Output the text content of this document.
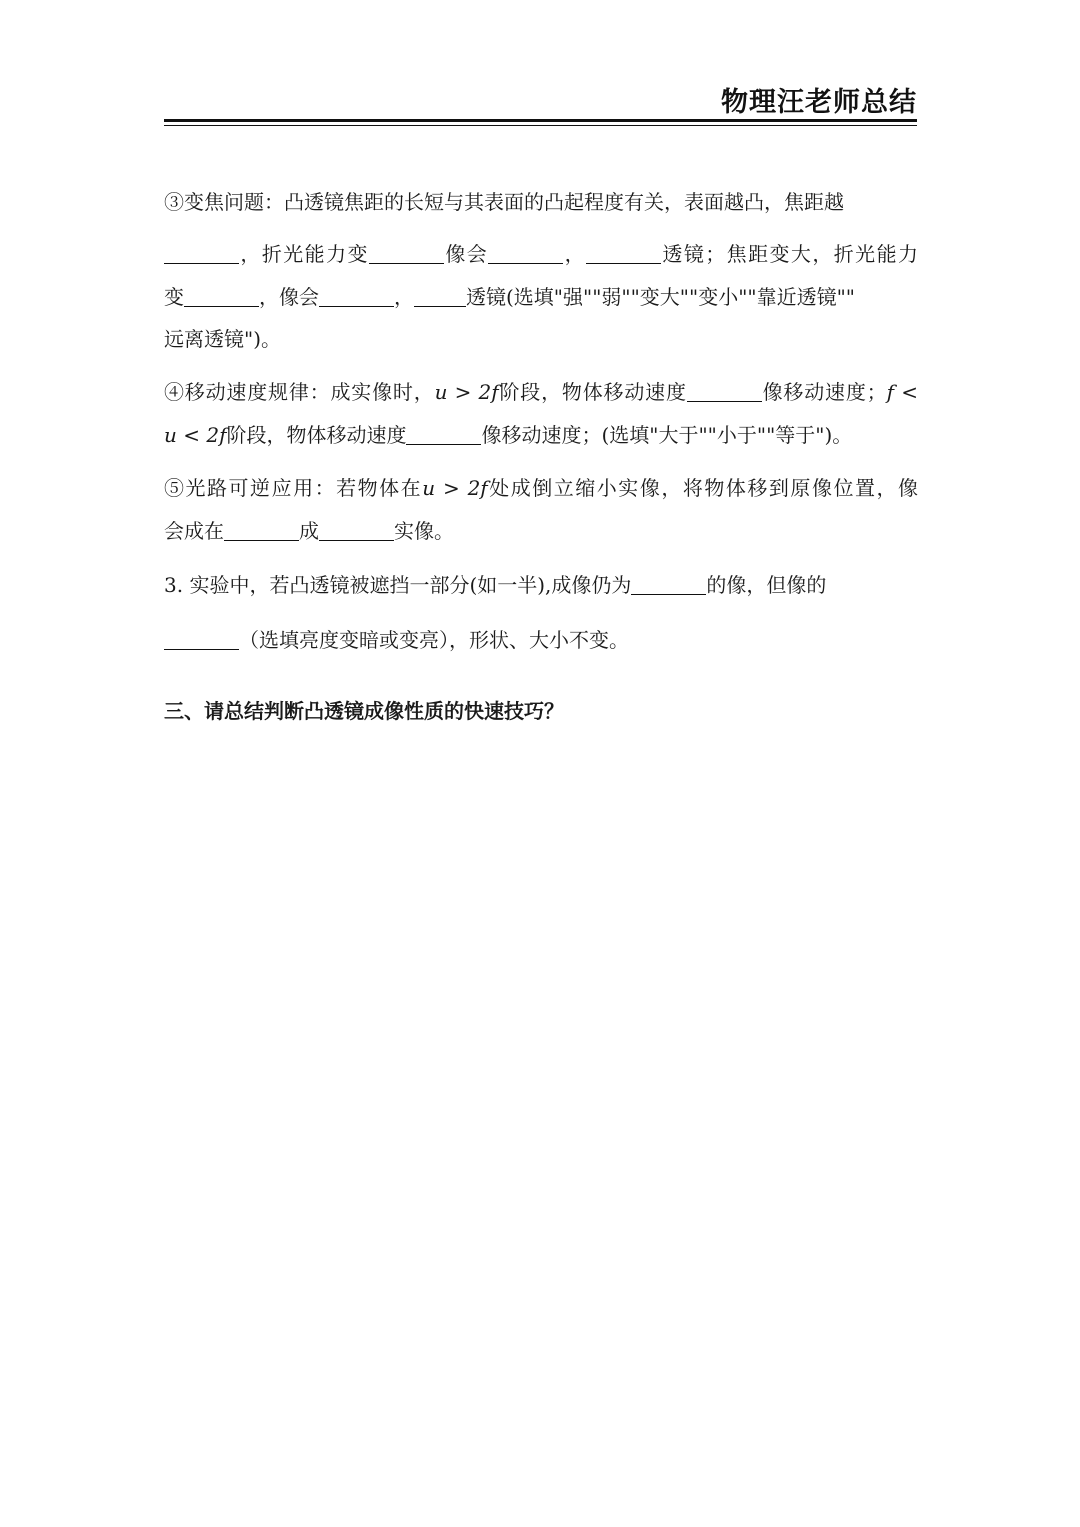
物理汪老师总结
③变焦问题：凸透镜焦距的长短与其表面的凸起程度有关，表面越凸，焦距越
，折光能力变	像会	，	透镜；焦距变大，折光能力
变	，像会	，	透镜(选填"强""弱""变大""变小""靠近透镜""
远离透镜")。
④移动速度规律：成实像时，u > 2f阶段，物体移动速度	像移动速度；f <
u < 2f阶段，物体移动速度	像移动速度；(选填"大于""小于""等于")。
⑤光路可逆应用：若物体在u > 2f处成倒立缩小实像，将物体移到原像位置，像
会成在	成	实像。
3. 实验中，若凸透镜被遮挡一部分(如一半),成像仍为	的像，但像的
（选填亮度变暗或变亮），形状、大小不变。
三、请总结判断凸透镜成像性质的快速技巧？
